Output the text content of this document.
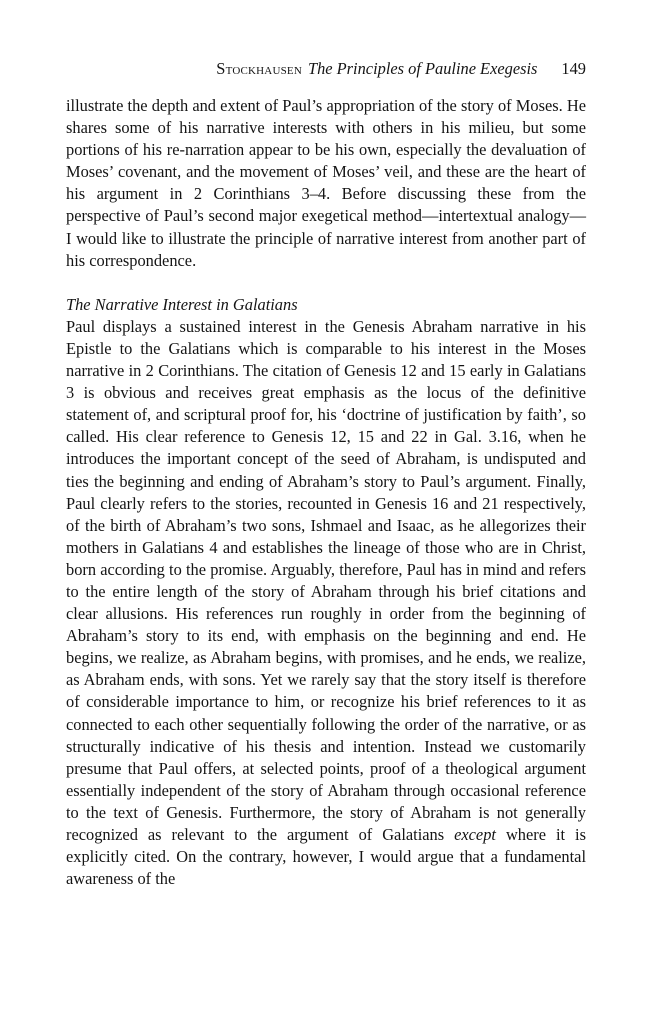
Stockhausen The Principles of Pauline Exegesis 149

illustrate the depth and extent of Paul’s appropriation of the story of Moses. He shares some of his narrative interests with others in his milieu, but some portions of his re-narration appear to be his own, especially the devaluation of Moses’ covenant, and the movement of Moses’ veil, and these are the heart of his argument in 2 Corinthians 3–4. Before discussing these from the perspective of Paul’s second major exegetical method—intertextual analogy—I would like to illustrate the principle of narrative interest from another part of his correspondence.

The Narrative Interest in Galatians

Paul displays a sustained interest in the Genesis Abraham narrative in his Epistle to the Galatians which is comparable to his interest in the Moses narrative in 2 Corinthians. The citation of Genesis 12 and 15 early in Galatians 3 is obvious and receives great emphasis as the locus of the definitive statement of, and scriptural proof for, his ‘doctrine of justification by faith’, so called. His clear reference to Genesis 12, 15 and 22 in Gal. 3.16, when he introduces the important concept of the seed of Abraham, is undisputed and ties the beginning and ending of Abraham’s story to Paul’s argument. Finally, Paul clearly refers to the stories, recounted in Genesis 16 and 21 respectively, of the birth of Abraham’s two sons, Ishmael and Isaac, as he allegorizes their mothers in Galatians 4 and establishes the lineage of those who are in Christ, born according to the promise. Arguably, therefore, Paul has in mind and refers to the entire length of the story of Abraham through his brief citations and clear allusions. His references run roughly in order from the beginning of Abraham’s story to its end, with emphasis on the beginning and end. He begins, we realize, as Abraham begins, with promises, and he ends, we realize, as Abraham ends, with sons. Yet we rarely say that the story itself is therefore of considerable importance to him, or recognize his brief references to it as connected to each other sequentially following the order of the narrative, or as structurally indicative of his thesis and intention. Instead we customarily presume that Paul offers, at selected points, proof of a theological argument essentially independent of the story of Abraham through occasional reference to the text of Genesis. Furthermore, the story of Abraham is not generally recognized as relevant to the argument of Galatians except where it is explicitly cited. On the contrary, however, I would argue that a fundamental awareness of the
